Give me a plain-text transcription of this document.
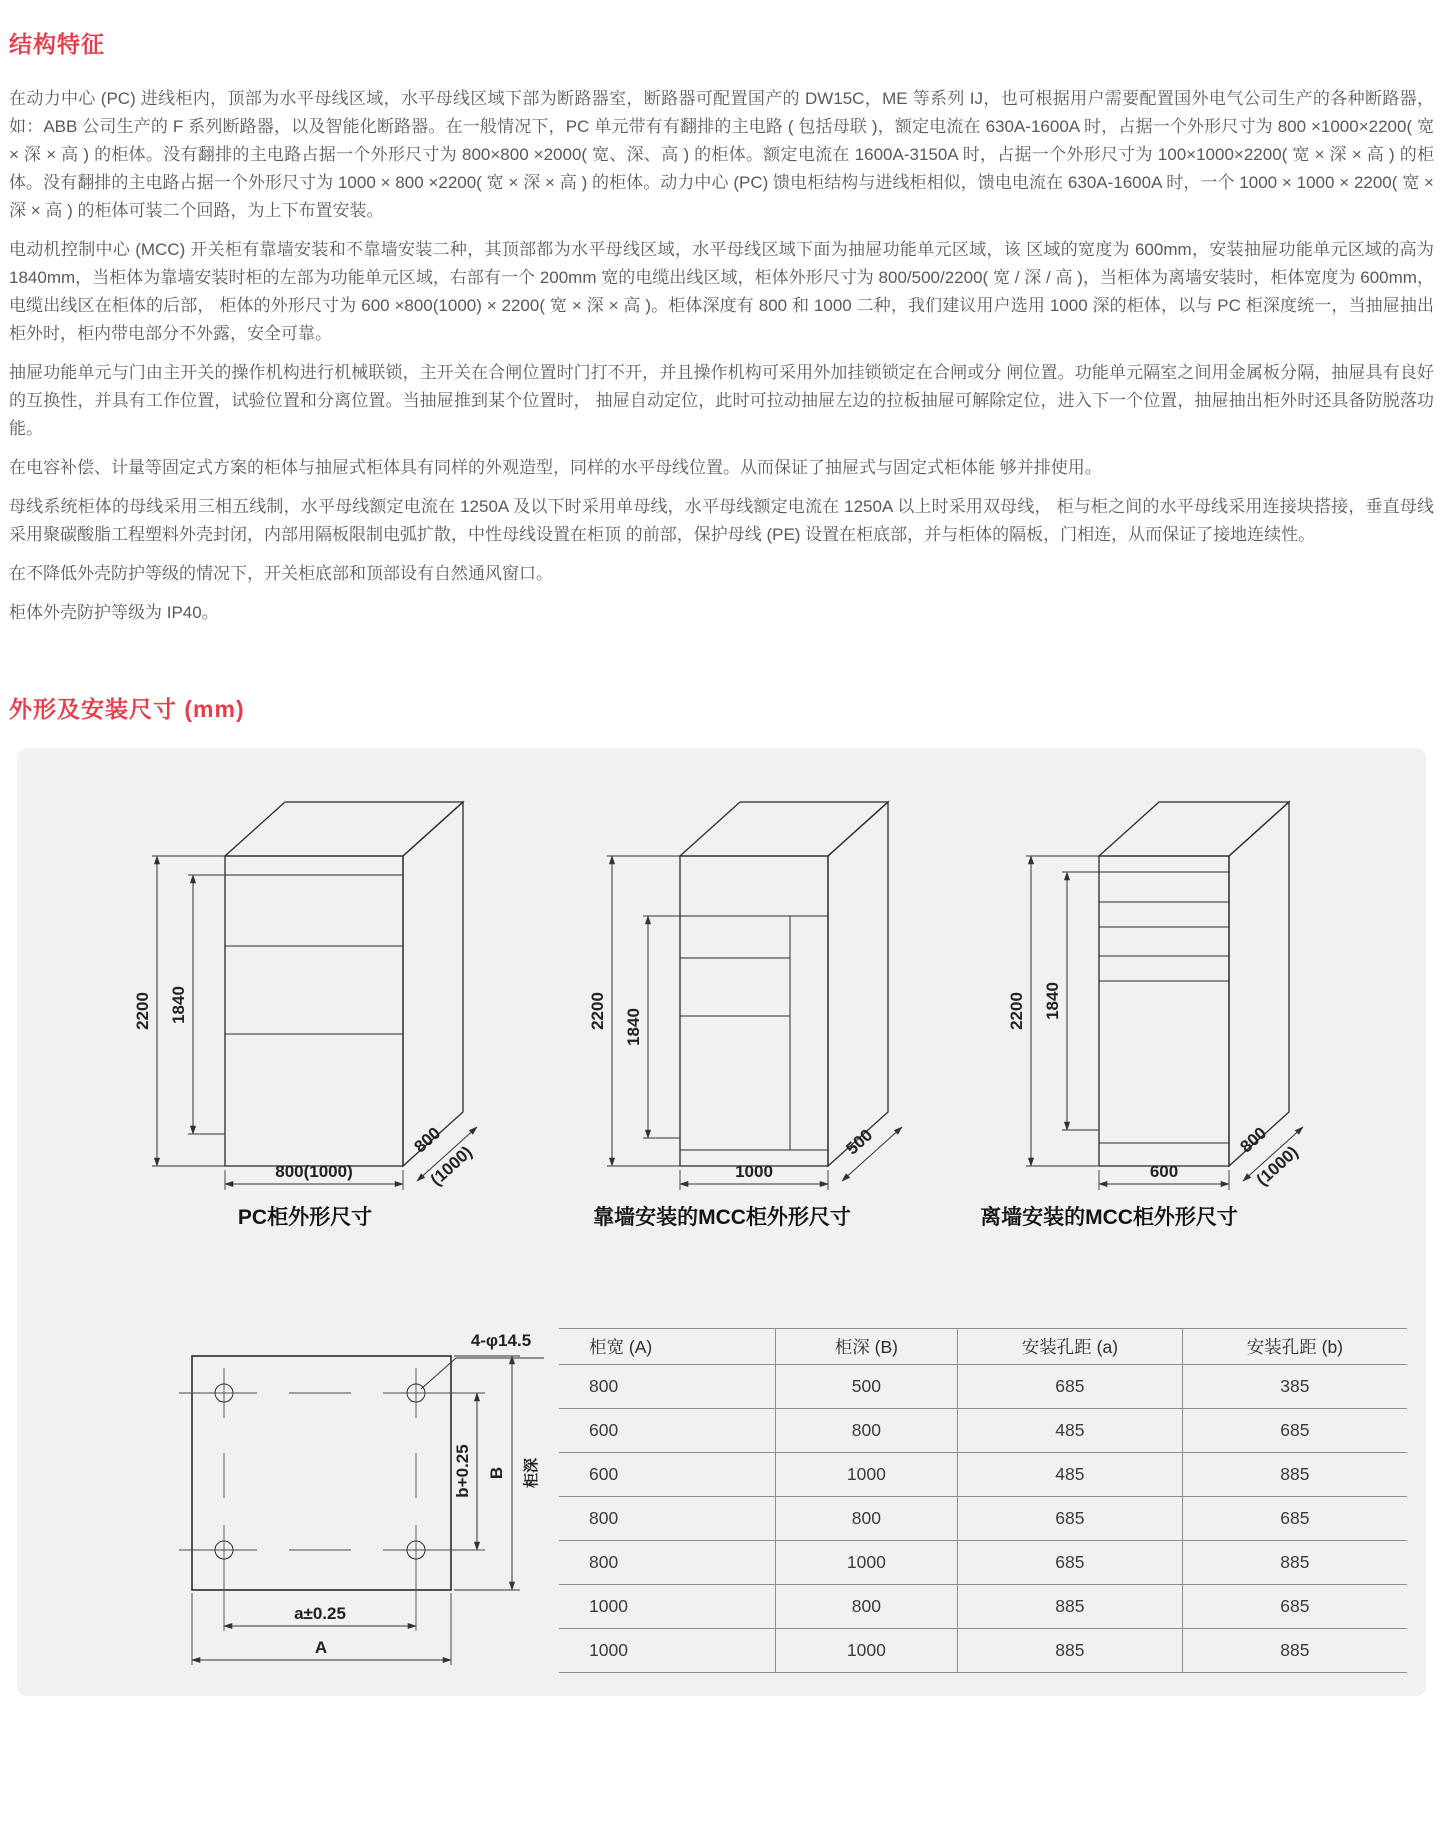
结构特征

在动力中心 (PC) 进线柜内，顶部为水平母线区域，水平母线区域下部为断路器室，断路器可配置国产的 DW15C，ME 等系列 IJ，也可根据用户需要配置国外电气公司生产的各种断路器，如：ABB 公司生产的 F 系列断路器，以及智能化断路器。在一般情况下，PC 单元带有有翻排的主电路 ( 包括母联 )，额定电流在 630A-1600A 时，占据一个外形尺寸为 800 ×1000×2200( 宽 × 深 × 高 ) 的柜体。没有翻排的主电路占据一个外形尺寸为 800×800 ×2000( 宽、深、高 ) 的柜体。额定电流在 1600A-3150A 时，占据一个外形尺寸为 100×1000×2200( 宽 × 深 × 高 ) 的柜体。没有翻排的主电路占据一个外形尺寸为 1000 × 800 ×2200( 宽 × 深 × 高 ) 的柜体。动力中心 (PC) 馈电柜结构与进线柜相似，馈电电流在 630A-1600A 时，一个 1000 × 1000 × 2200( 宽 × 深 × 高 ) 的柜体可装二个回路，为上下布置安装。

电动机控制中心 (MCC) 开关柜有靠墙安装和不靠墙安装二种，其顶部都为水平母线区域，水平母线区域下面为抽屉功能单元区域，该 区域的宽度为 600mm，安装抽屉功能单元区域的高为 1840mm，当柜体为靠墙安装时柜的左部为功能单元区域，右部有一个 200mm 宽的电缆出线区域，柜体外形尺寸为 800/500/2200( 宽 / 深 / 高 )，当柜体为离墙安装时，柜体宽度为 600mm，电缆出线区在柜体的后部， 柜体的外形尺寸为 600 ×800(1000) × 2200( 宽 × 深 × 高 )。柜体深度有 800 和 1000 二种，我们建议用户选用 1000 深的柜体，以与 PC 柜深度统一，当抽屉抽出柜外时，柜内带电部分不外露，安全可靠。

抽屉功能单元与门由主开关的操作机构进行机械联锁，主开关在合闸位置时门打不开，并且操作机构可采用外加挂锁锁定在合闸或分 闸位置。功能单元隔室之间用金属板分隔，抽屉具有良好的互换性，并具有工作位置，试验位置和分离位置。当抽屉推到某个位置时， 抽屉自动定位，此时可拉动抽屉左边的拉板抽屉可解除定位，进入下一个位置，抽屉抽出柜外时还具备防脱落功能。

在电容补偿、计量等固定式方案的柜体与抽屉式柜体具有同样的外观造型，同样的水平母线位置。从而保证了抽屉式与固定式柜体能 够并排使用。

母线系统柜体的母线采用三相五线制，水平母线额定电流在 1250A 及以下时采用单母线，水平母线额定电流在 1250A 以上时采用双母线， 柜与柜之间的水平母线采用连接块搭接，垂直母线采用聚碳酸脂工程塑料外壳封闭，内部用隔板限制电弧扩散，中性母线设置在柜顶 的前部，保护母线 (PE) 设置在柜底部，并与柜体的隔板，门相连，从而保证了接地连续性。

在不降低外壳防护等级的情况下，开关柜底部和顶部设有自然通风窗口。

柜体外壳防护等级为 IP40。

外形及安装尺寸 (mm)
2200 1840
800(1000)
800
(1000)
PC柜外形尺寸
2200 1840
1000
500
靠墙安装的MCC柜外形尺寸
2200 1840
600
800
(1000)
离墙安装的MCC柜外形尺寸
4-φ14.5
b+0.25 B 柜深
a±0.25
A
柜宽 (A)	柜深 (B)	安装孔距 (a)	安装孔距 (b)
800	500	685	385
600	800	485	685
600	1000	485	885
800	800	685	685
800	1000	685	885
1000	800	885	685
1000	1000	885	885
